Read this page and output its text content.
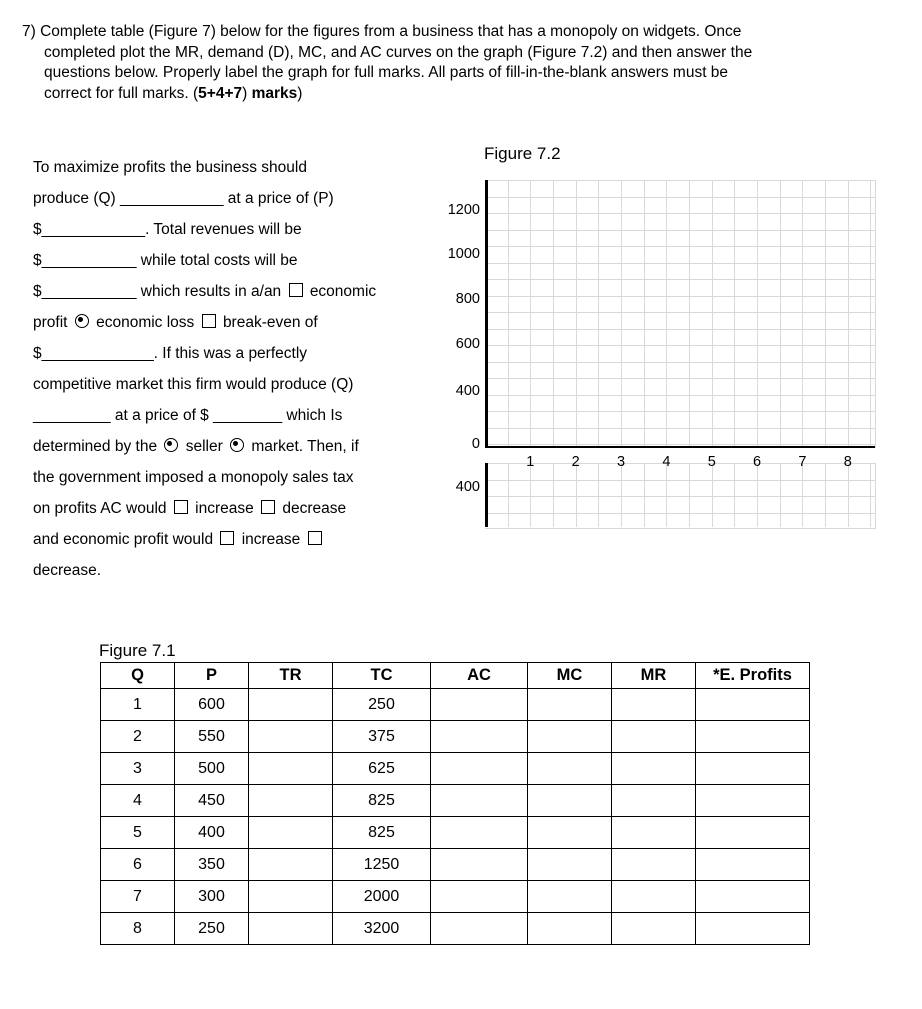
7) Complete table (Figure 7) below for the figures from a business that has a monopoly on widgets. Once
completed plot the MR, demand (D), MC, and AC curves on the graph (Figure 7.2) and then answer the
questions below. Properly label the graph for full marks. All parts of fill-in-the-blank answers must be
correct for full marks. (5+4+7) marks)
To maximize profits the business should
produce (Q) ____________ at a price of (P)
$____________. Total revenues will be
$___________ while total costs will be
$___________ which results in a/an economic
profit economic loss break-even of
$_____________. If this was a perfectly
competitive market this firm would produce (Q)
_________ at a price of $ ________ which Is
determined by the seller market. Then, if
the government imposed a monopoly sales tax
on profits AC would increase decrease
and economic profit would increase
decrease.
Figure 7.2
1200
1000
800
600
400
0
400
1	2	3	4	5	6	7	8
Figure 7.1
Q	P	TR	TC	AC	MC	MR	*E. Profits
1	600		250				
2	550		375				
3	500		625				
4	450		825				
5	400		825				
6	350		1250				
7	300		2000				
8	250		3200				
